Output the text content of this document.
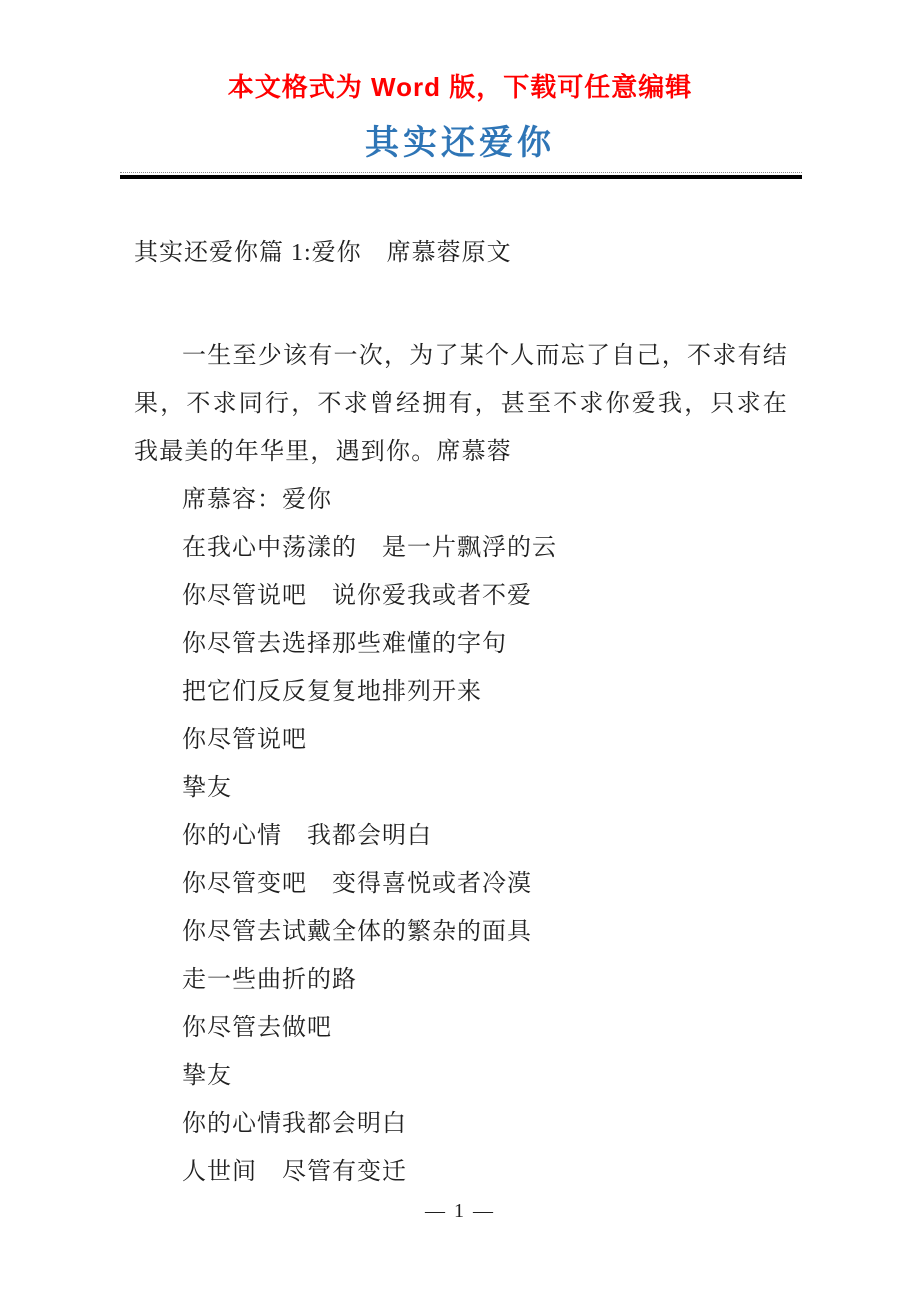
本文格式为 Word 版，下载可任意编辑
其实还爱你
其实还爱你篇 1:爱你　席慕蓉原文
一生至少该有一次，为了某个人而忘了自己，不求有结果，不求同行，不求曾经拥有，甚至不求你爱我，只求在我最美的年华里，遇到你。席慕蓉
席慕容：爱你
在我心中荡漾的　是一片飘浮的云
你尽管说吧　说你爱我或者不爱
你尽管去选择那些难懂的字句
把它们反反复复地排列开来
你尽管说吧
挚友
你的心情　我都会明白
你尽管变吧　变得喜悦或者冷漠
你尽管去试戴全体的繁杂的面具
走一些曲折的路
你尽管去做吧
挚友
你的心情我都会明白
人世间　尽管有变迁
— 1 —
